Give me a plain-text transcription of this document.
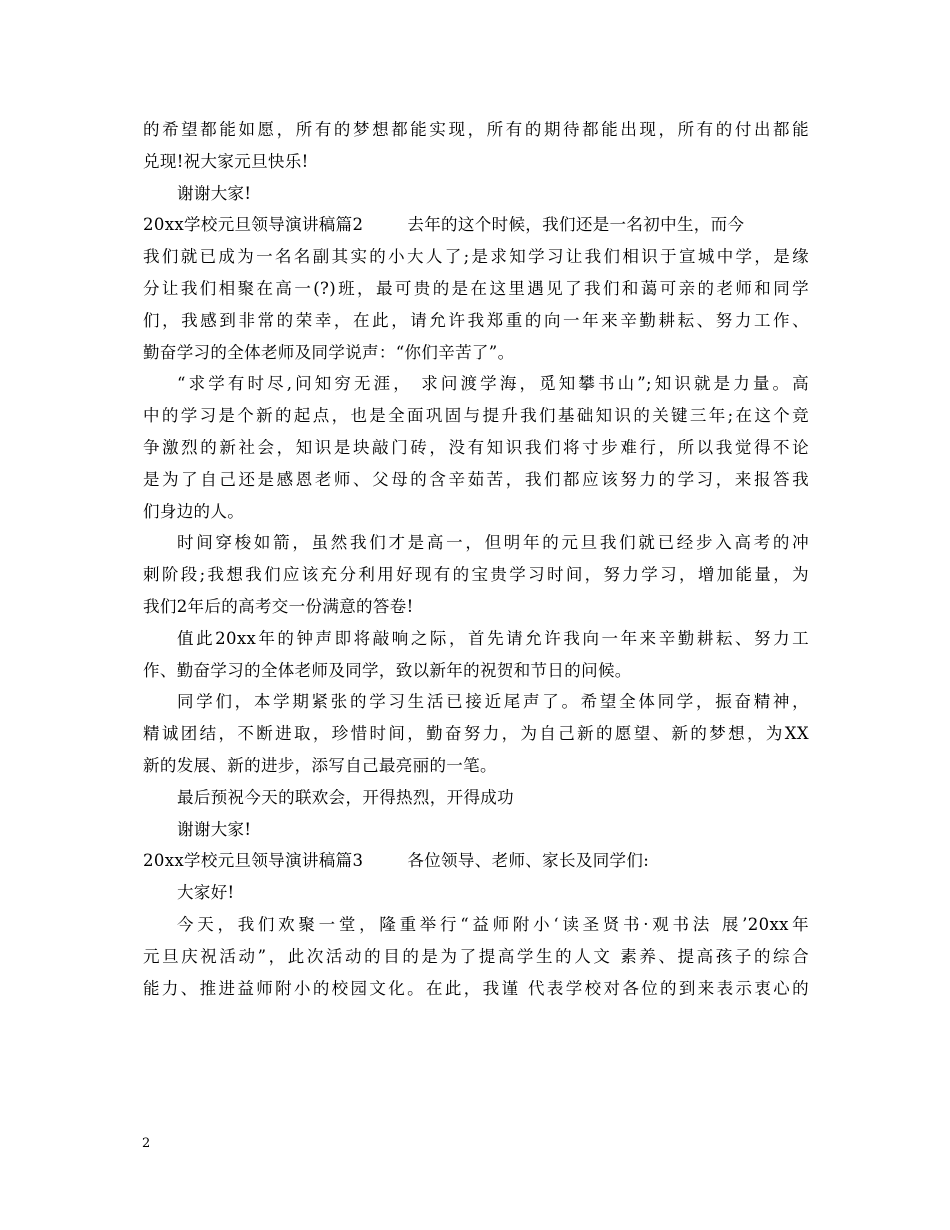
的希望都能如愿，所有的梦想都能实现，所有的期待都能出现，所有的付出都能
兑现!祝大家元旦快乐!
谢谢大家!
20xx学校元旦领导演讲稿篇2	去年的这个时候，我们还是一名初中生，而今
我们就已成为一名名副其实的小大人了;是求知学习让我们相识于宣城中学，是缘
分让我们相聚在高一(?)班，最可贵的是在这里遇见了我们和蔼可亲的老师和同学
们，我感到非常的荣幸，在此，请允许我郑重的向一年来辛勤耕耘、努力工作、
勤奋学习的全体老师及同学说声：“你们辛苦了”。
“求学有时尽,问知穷无涯， 求问渡学海，觅知攀书山”;知识就是力量。高
中的学习是个新的起点，也是全面巩固与提升我们基础知识的关键三年;在这个竞
争激烈的新社会，知识是块敲门砖，没有知识我们将寸步难行，所以我觉得不论
是为了自己还是感恩老师、父母的含辛茹苦，我们都应该努力的学习，来报答我
们身边的人。
时间穿梭如箭，虽然我们才是高一，但明年的元旦我们就已经步入高考的冲
刺阶段;我想我们应该充分利用好现有的宝贵学习时间，努力学习，增加能量，为
我们2年后的高考交一份满意的答卷!
值此20xx年的钟声即将敲响之际，首先请允许我向一年来辛勤耕耘、努力工
作、勤奋学习的全体老师及同学，致以新年的祝贺和节日的问候。
同学们，本学期紧张的学习生活已接近尾声了。希望全体同学，振奋精神，
精诚团结，不断进取，珍惜时间，勤奋努力，为自己新的愿望、新的梦想，为XX
新的发展、新的进步，添写自己最亮丽的一笔。
最后预祝今天的联欢会，开得热烈，开得成功
谢谢大家!
20xx学校元旦领导演讲稿篇3	各位领导、老师、家长及同学们:
大家好!
今天，我们欢聚一堂，隆重举行“益师附小‘读圣贤书·观书法 展’20xx年
元旦庆祝活动”，此次活动的目的是为了提高学生的人文 素养、提高孩子的综合
能力、推进益师附小的校园文化。在此，我谨 代表学校对各位的到来表示衷心的
2
